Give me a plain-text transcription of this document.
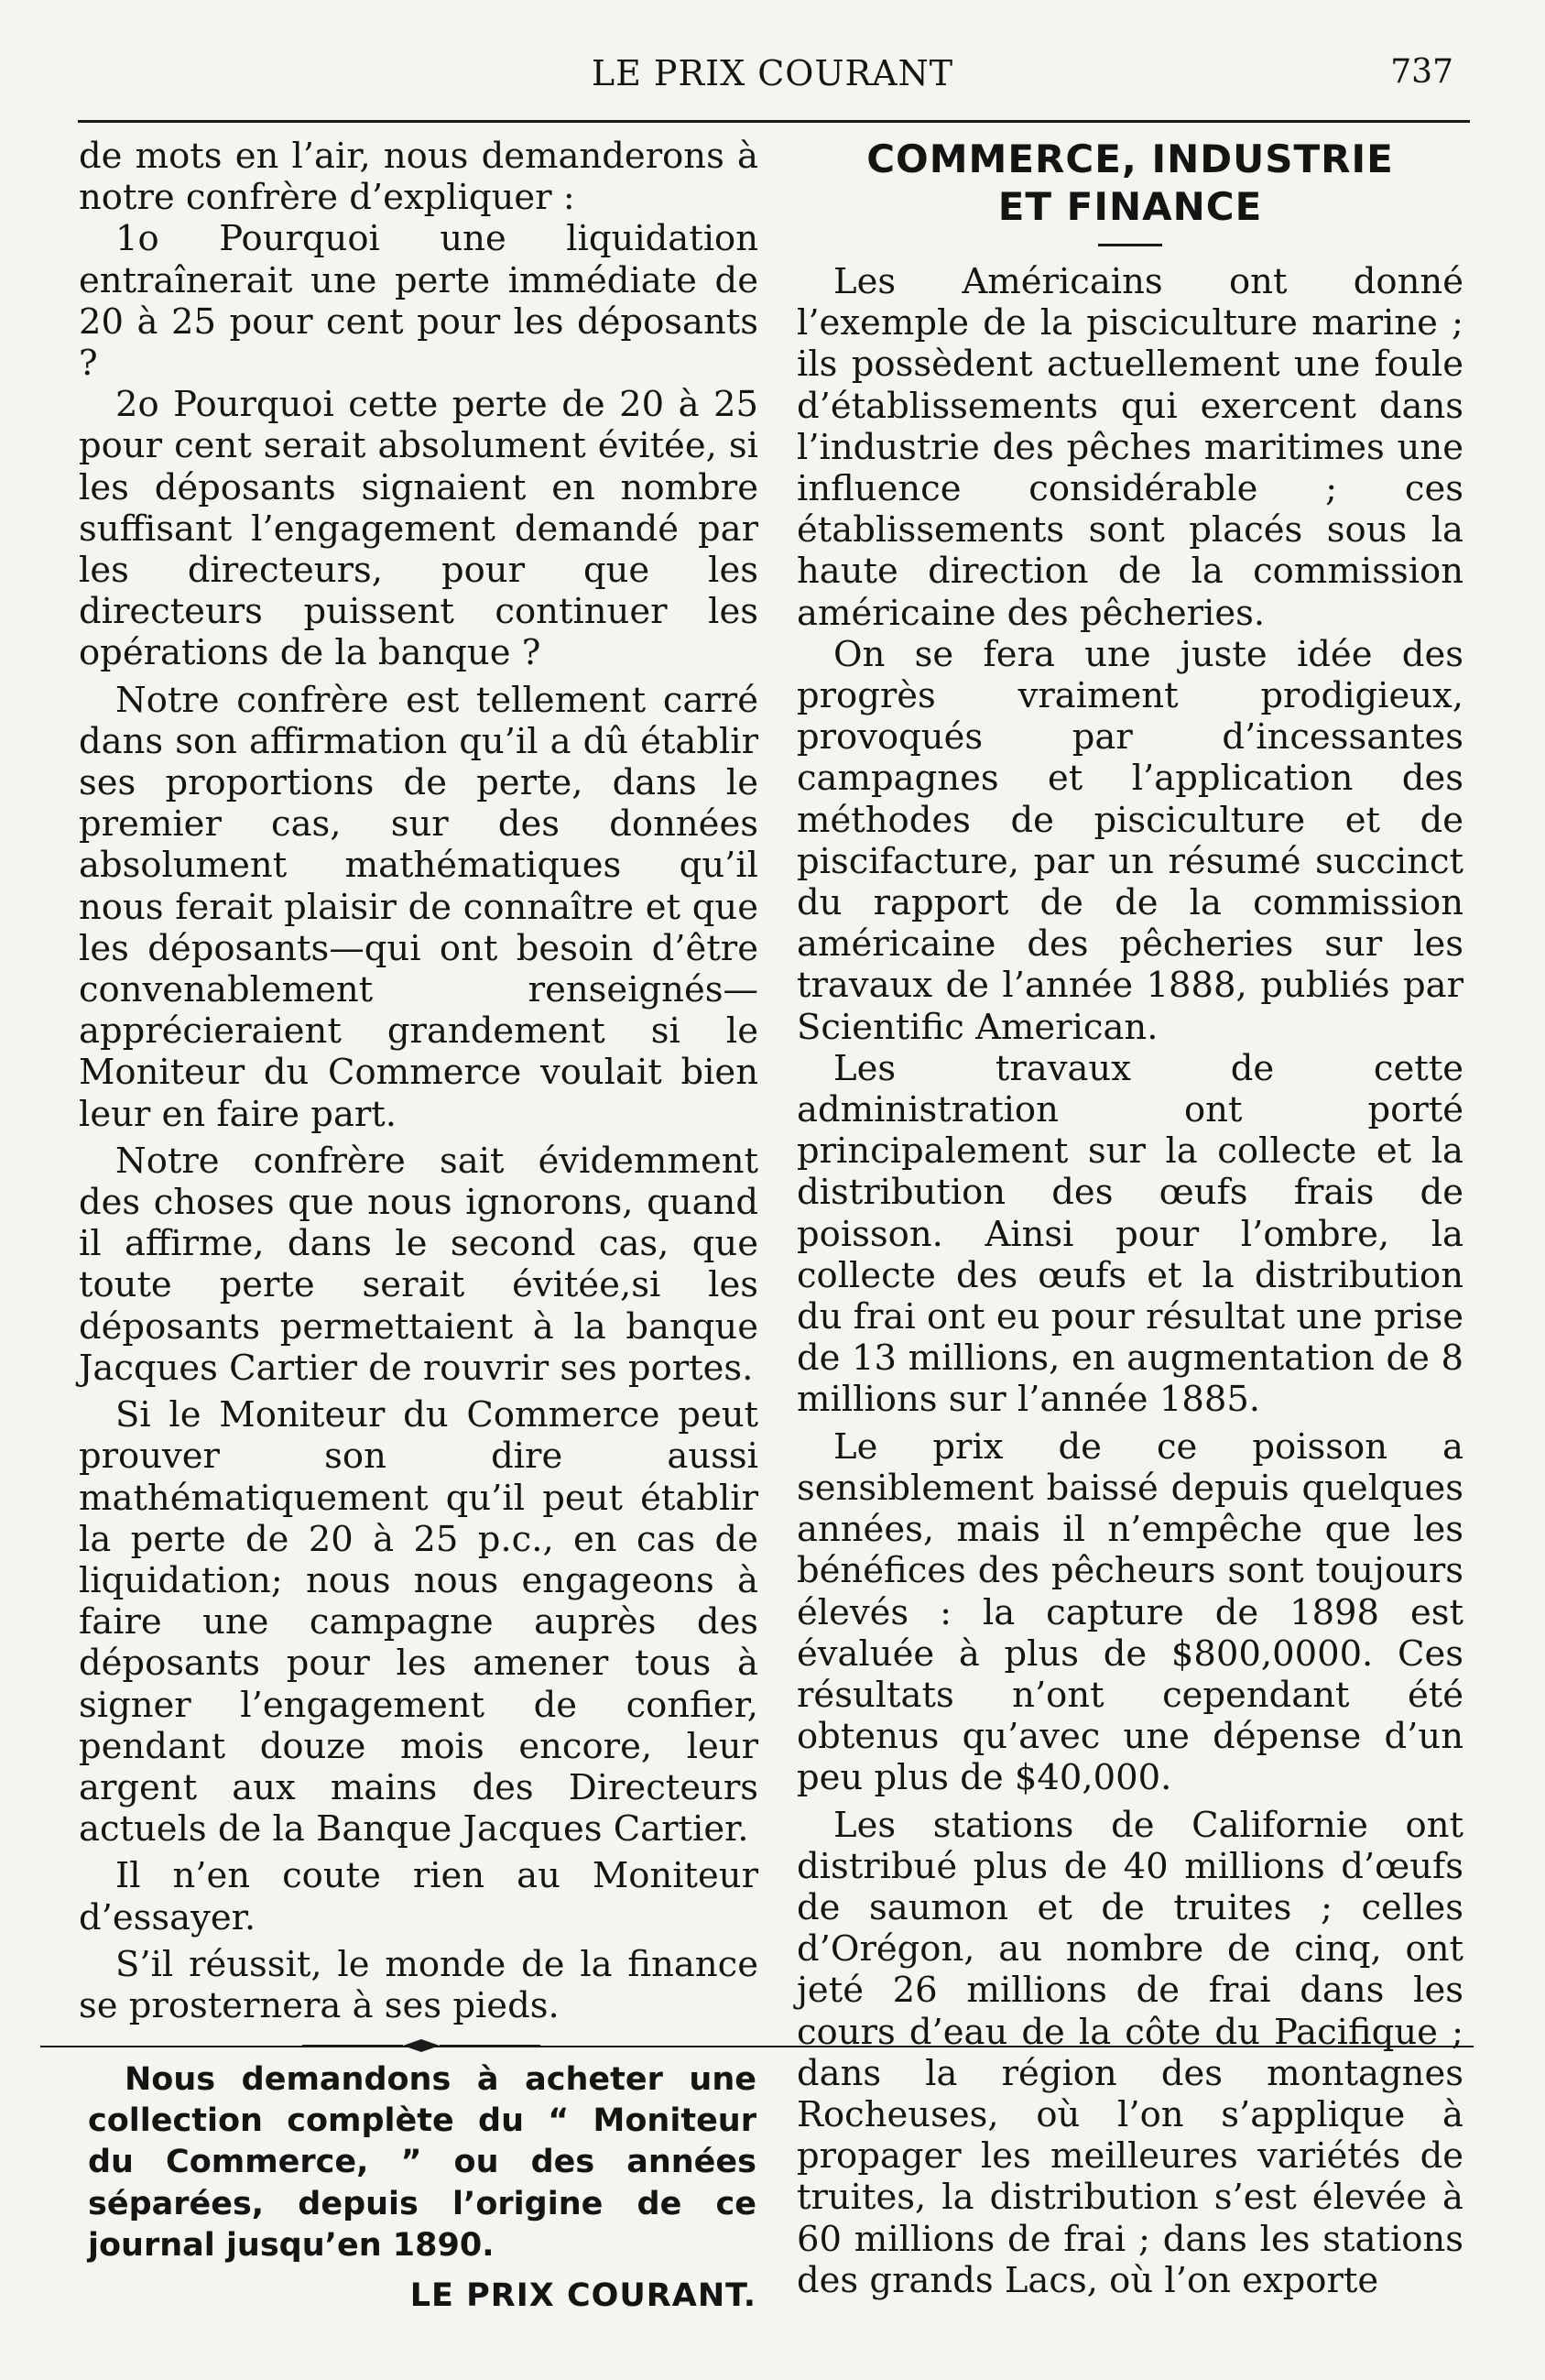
LE PRIX COURANT	737

de mots en l’air, nous demanderons à notre confrère d’expliquer :

1o Pourquoi une liquidation entraînerait une perte immédiate de 20 à 25 pour cent pour les déposants ?

2o Pourquoi cette perte de 20 à 25 pour cent serait absolument évitée, si les déposants signaient en nombre suffisant l’engagement demandé par les directeurs, pour que les directeurs puissent continuer les opérations de la banque ?

Notre confrère est tellement carré dans son affirmation qu’il a dû établir ses proportions de perte, dans le premier cas, sur des données absolument mathématiques qu’il nous ferait plaisir de connaître et que les déposants—qui ont besoin d’être convenablement renseignés—apprécieraient grandement si le Moniteur du Commerce voulait bien leur en faire part.

Notre confrère sait évidemment des choses que nous ignorons, quand il affirme, dans le second cas, que toute perte serait évitée,si les déposants permettaient à la banque Jacques Cartier de rouvrir ses portes.

Si le Moniteur du Commerce peut prouver son dire aussi mathématiquement qu’il peut établir la perte de 20 à 25 p.c., en cas de liquidation; nous nous engageons à faire une campagne auprès des déposants pour les amener tous à signer l’engagement de confier, pendant douze mois encore, leur argent aux mains des Directeurs actuels de la Banque Jacques Cartier.

Il n’en coute rien au Moniteur d’essayer.

S’il réussit, le monde de la finance se prosternera à ses pieds.

Nous demandons à acheter une collection complète du “ Moniteur du Commerce, ” ou des années séparées, depuis l’origine de ce journal jusqu’en 1890.

LE PRIX COURANT.

COMMERCE, INDUSTRIE
ET FINANCE

Les Américains ont donné l’exemple de la pisciculture marine ; ils possèdent actuellement une foule d’établissements qui exercent dans l’industrie des pêches maritimes une influence considérable ; ces établissements sont placés sous la haute direction de la commission américaine des pêcheries.

On se fera une juste idée des progrès vraiment prodigieux, provoqués par d’incessantes campagnes et l’application des méthodes de pisciculture et de piscifacture, par un résumé succinct du rapport de de la commission américaine des pêcheries sur les travaux de l’année 1888, publiés par Scientific American.

Les travaux de cette administration ont porté principalement sur la collecte et la distribution des œufs frais de poisson. Ainsi pour l’ombre, la collecte des œufs et la distribution du frai ont eu pour résultat une prise de 13 millions, en augmentation de 8 millions sur l’année 1885.

Le prix de ce poisson a sensiblement baissé depuis quelques années, mais il n’empêche que les bénéfices des pêcheurs sont toujours élevés : la capture de 1898 est évaluée à plus de $800,0000. Ces résultats n’ont cependant été obtenus qu’avec une dépense d’un peu plus de $40,000.

Les stations de Californie ont distribué plus de 40 millions d’œufs de saumon et de truites ; celles d’Orégon, au nombre de cinq, ont jeté 26 millions de frai dans les cours d’eau de la côte du Pacifique ; dans la région des montagnes Rocheuses, où l’on s’applique à propager les meilleures variétés de truites, la distribution s’est élevée à 60 millions de frai ; dans les stations des grands Lacs, où l’on exporte
